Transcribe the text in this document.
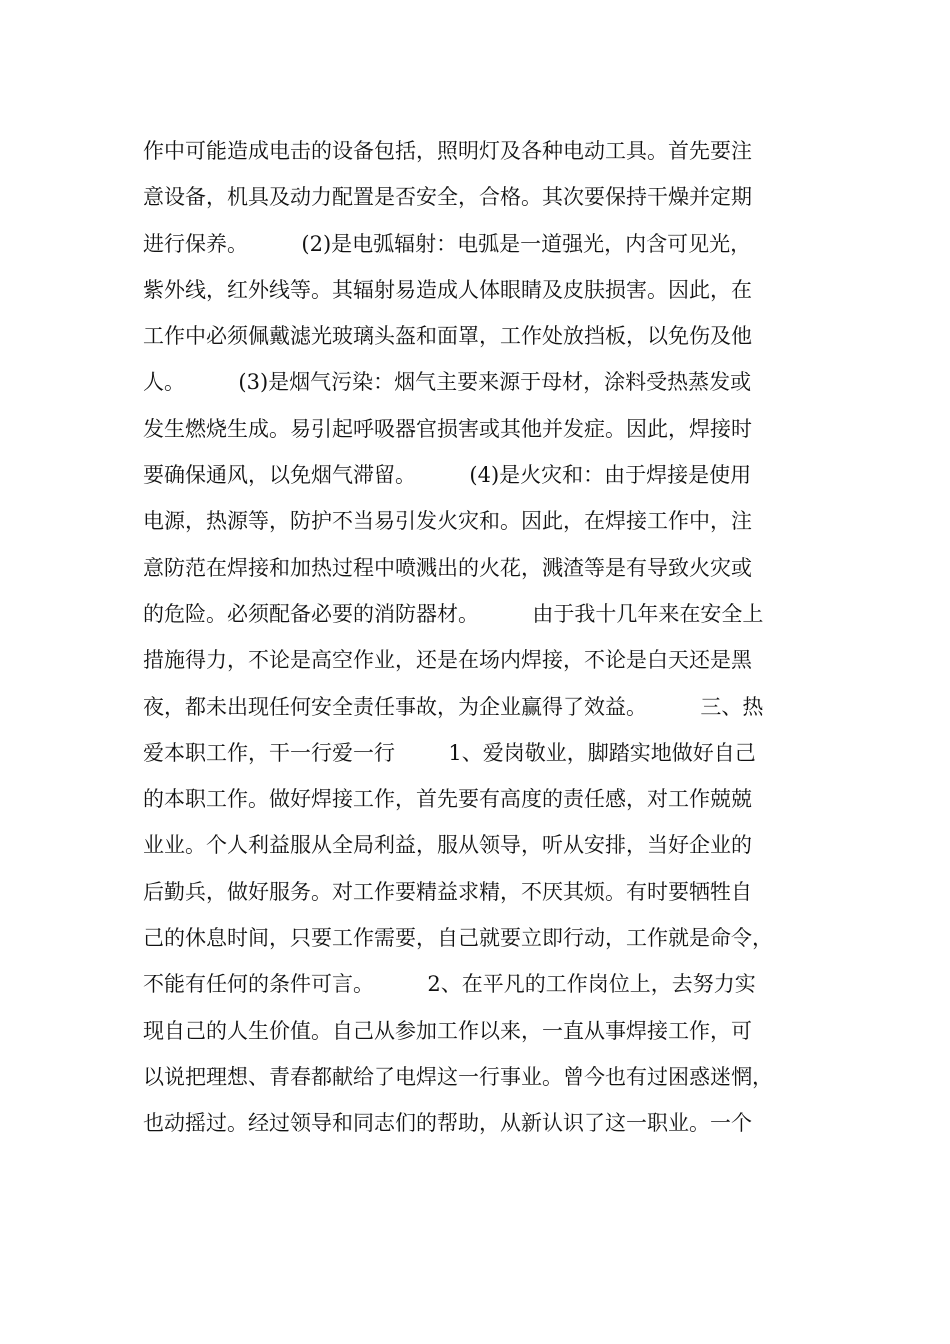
作中可能造成电击的设备包括，照明灯及各种电动工具。首先要注
意设备，机具及动力配置是否安全，合格。其次要保持干燥并定期
进行保养。        (2)是电弧辐射：电弧是一道强光，内含可见光，
紫外线，红外线等。其辐射易造成人体眼睛及皮肤损害。因此，在
工作中必须佩戴滤光玻璃头盔和面罩，工作处放挡板，以免伤及他
人。        (3)是烟气污染：烟气主要来源于母材，涂料受热蒸发或
发生燃烧生成。易引起呼吸器官损害或其他并发症。因此，焊接时
要确保通风，以免烟气滞留。        (4)是火灾和：由于焊接是使用
电源，热源等，防护不当易引发火灾和。因此，在焊接工作中，注
意防范在焊接和加热过程中喷溅出的火花，溅渣等是有导致火灾或
的危险。必须配备必要的消防器材。        由于我十几年来在安全上
措施得力，不论是高空作业，还是在场内焊接，不论是白天还是黑
夜，都未出现任何安全责任事故，为企业赢得了效益。        三、热
爱本职工作，干一行爱一行        1、爱岗敬业，脚踏实地做好自己
的本职工作。做好焊接工作，首先要有高度的责任感，对工作兢兢
业业。个人利益服从全局利益，服从领导，听从安排，当好企业的
后勤兵，做好服务。对工作要精益求精，不厌其烦。有时要牺牲自
己的休息时间，只要工作需要，自己就要立即行动，工作就是命令，
不能有任何的条件可言。        2、在平凡的工作岗位上，去努力实
现自己的人生价值。自己从参加工作以来，一直从事焊接工作，可
以说把理想、青春都献给了电焊这一行事业。曾今也有过困惑迷惘，
也动摇过。经过领导和同志们的帮助，从新认识了这一职业。一个
